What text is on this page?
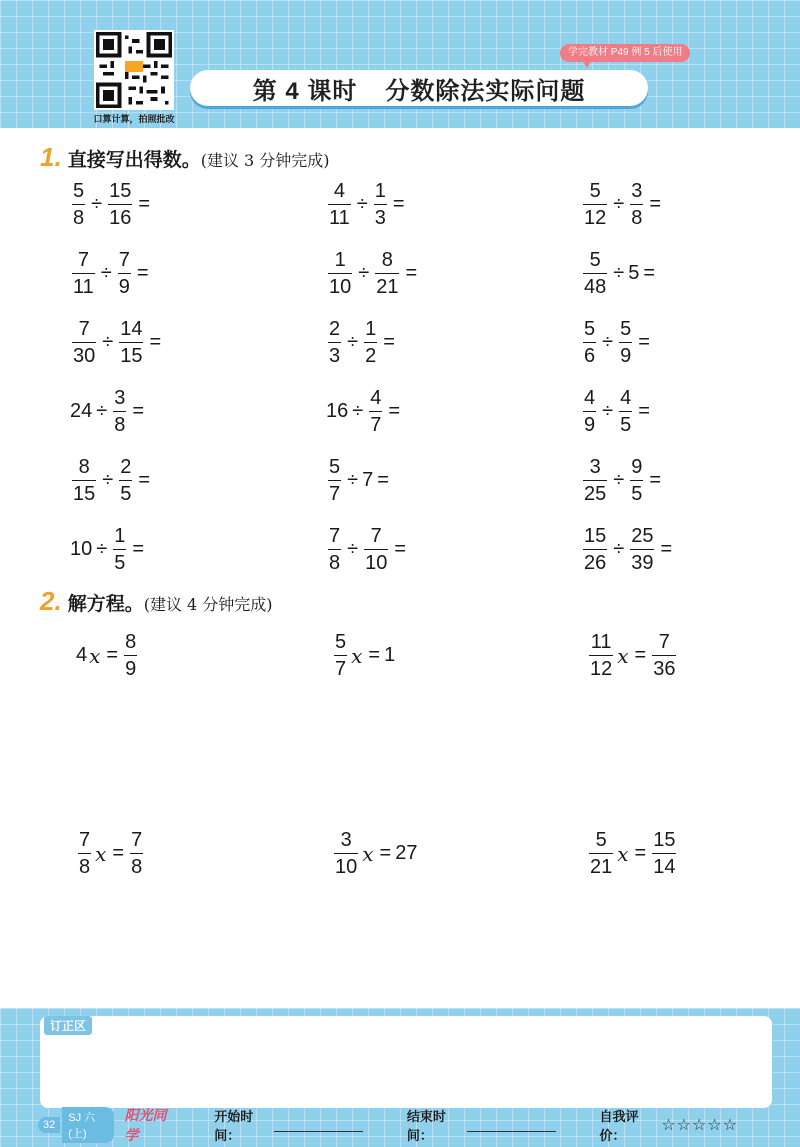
口算计算，拍照批改
学完教材 P49 例 5 后使用
第 4 课时 分数除法实际问题
1. 直接写出得数。 (建议 3 分钟完成)
$\frac{5}{8} \div \frac{15}{16}$ =	$\frac{4}{11} \div \frac{1}{3}$ =	$\frac{5}{12} \div \frac{3}{8}$ =
$\frac{7}{11} \div \frac{7}{9}$ =	$\frac{1}{10} \div \frac{8}{21}$ =	$\frac{5}{48} \div 5$ =
$\frac{7}{30} \div \frac{14}{15}$ =	$\frac{2}{3} \div \frac{1}{2}$ =	$\frac{5}{6} \div \frac{5}{9}$ =
$24 \div \frac{3}{8}$ =	$16 \div \frac{4}{7}$ =	$\frac{4}{9} \div \frac{4}{5}$ =
$\frac{8}{15} \div \frac{2}{5}$ =	$\frac{5}{7} \div 7$ =	$\frac{3}{25} \div \frac{9}{5}$ =
$10 \div \frac{1}{5}$ =	$\frac{7}{8} \div \frac{7}{10}$ =	$\frac{15}{26} \div \frac{25}{39}$ =
2. 解方程。 (建议 4 分钟完成)
4 $x = \frac{8}{9}$	$\frac{5}{7}$ x = 1	$\frac{11}{12}$ $x = \frac{7}{36}$
$\frac{7}{8}$ $x = \frac{7}{8}$	$\frac{3}{10}$ x = 27	$\frac{5}{21}$ $x = \frac{15}{14}$
订正区
32
SJ 六(上)
阳光同学
开始时间：
结束时间：
自我评价：
☆☆☆☆☆
